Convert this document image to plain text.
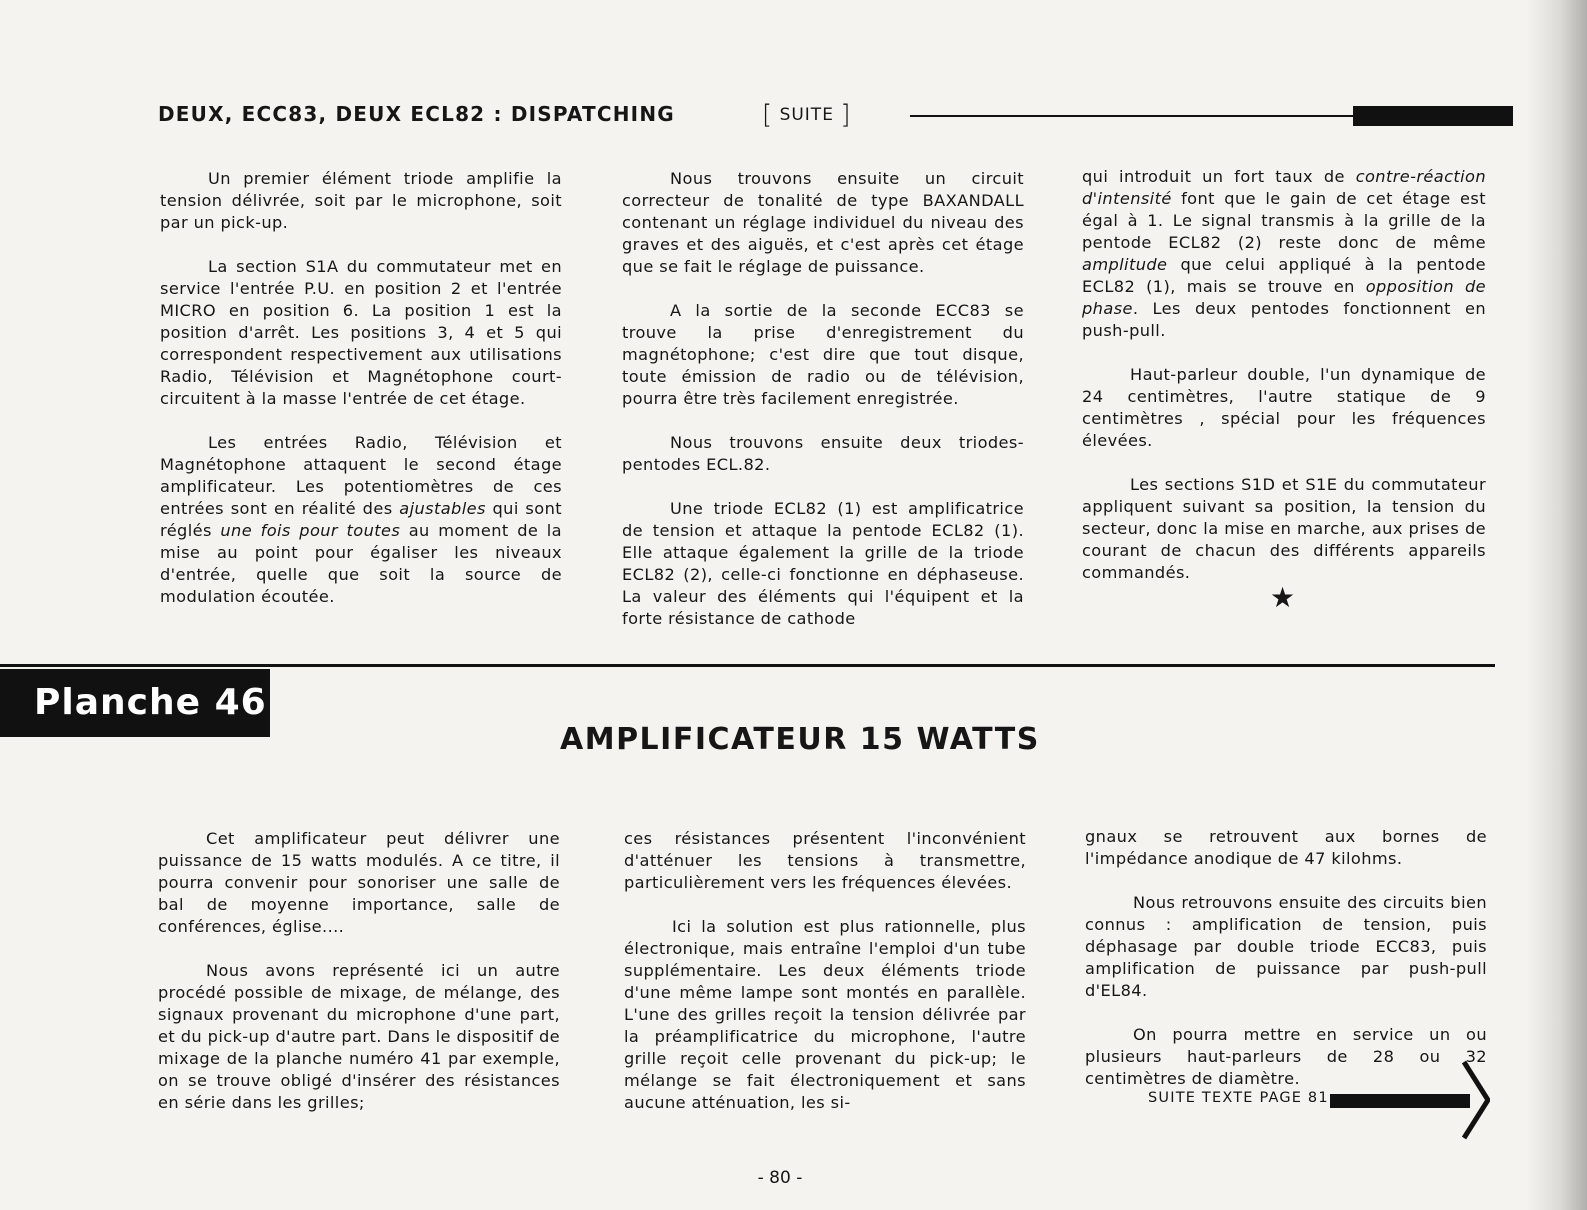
DEUX, ECC83, DEUX ECL82 : DISPATCHING	[ SUITE ]

Un premier élément triode amplifie la tension délivrée, soit par le microphone, soit par un pick-up.

La section S1A du commutateur met en service l'entrée P.U. en position 2 et l'entrée MICRO en position 6. La position 1 est la position d'arrêt. Les positions 3, 4 et 5 qui correspondent respectivement aux utilisations Radio, Télévision et Magnétophone court-circuitent à la masse l'entrée de cet étage.

Les entrées Radio, Télévision et Magnétophone attaquent le second étage amplificateur. Les potentiomètres de ces entrées sont en réalité des ajustables qui sont réglés une fois pour toutes au moment de la mise au point pour égaliser les niveaux d'entrée, quelle que soit la source de modulation écoutée.

Nous trouvons ensuite un circuit correcteur de tonalité de type BAXANDALL contenant un réglage individuel du niveau des graves et des aiguës, et c'est après cet étage que se fait le réglage de puissance.

A la sortie de la seconde ECC83 se trouve la prise d'enregistrement du magnétophone; c'est dire que tout disque, toute émission de radio ou de télévision, pourra être très facilement enregistrée.

Nous trouvons ensuite deux triodes-pentodes ECL.82.

Une triode ECL82 (1) est amplificatrice de tension et attaque la pentode ECL82 (1). Elle attaque également la grille de la triode ECL82 (2), celle-ci fonctionne en déphaseuse. La valeur des éléments qui l'équipent et la forte résistance de cathode

qui introduit un fort taux de contre-réaction d'intensité font que le gain de cet étage est égal à 1. Le signal transmis à la grille de la pentode ECL82 (2) reste donc de même amplitude que celui appliqué à la pentode ECL82 (1), mais se trouve en opposition de phase. Les deux pentodes fonctionnent en push-pull.

Haut-parleur double, l'un dynamique de 24 centimètres, l'autre statique de 9 centimètres , spécial pour les fréquences élevées.

Les sections S1D et S1E du commutateur appliquent suivant sa position, la tension du secteur, donc la mise en marche, aux prises de courant de chacun des différents appareils commandés.

★
Planche 46
AMPLIFICATEUR 15 WATTS

Cet amplificateur peut délivrer une puissance de 15 watts modulés. A ce titre, il pourra convenir pour sonoriser une salle de bal de moyenne importance, salle de conférences, église....

Nous avons représenté ici un autre procédé possible de mixage, de mélange, des signaux provenant du microphone d'une part, et du pick-up d'autre part. Dans le dispositif de mixage de la planche numéro 41 par exemple, on se trouve obligé d'insérer des résistances en série dans les grilles;

ces résistances présentent l'inconvénient d'atténuer les tensions à transmettre, particulièrement vers les fréquences élevées.

Ici la solution est plus rationnelle, plus électronique, mais entraîne l'emploi d'un tube supplémentaire. Les deux éléments triode d'une même lampe sont montés en parallèle. L'une des grilles reçoit la tension délivrée par la préamplificatrice du microphone, l'autre grille reçoit celle provenant du pick-up; le mélange se fait électroniquement et sans aucune atténuation, les si-

gnaux se retrouvent aux bornes de l'impédance anodique de 47 kilohms.

Nous retrouvons ensuite des circuits bien connus : amplification de tension, puis déphasage par double triode ECC83, puis amplification de puissance par push-pull d'EL84.

On pourra mettre en service un ou plusieurs haut-parleurs de 28 ou 32 centimètres de diamètre.

SUITE TEXTE PAGE 81
- 80 -
